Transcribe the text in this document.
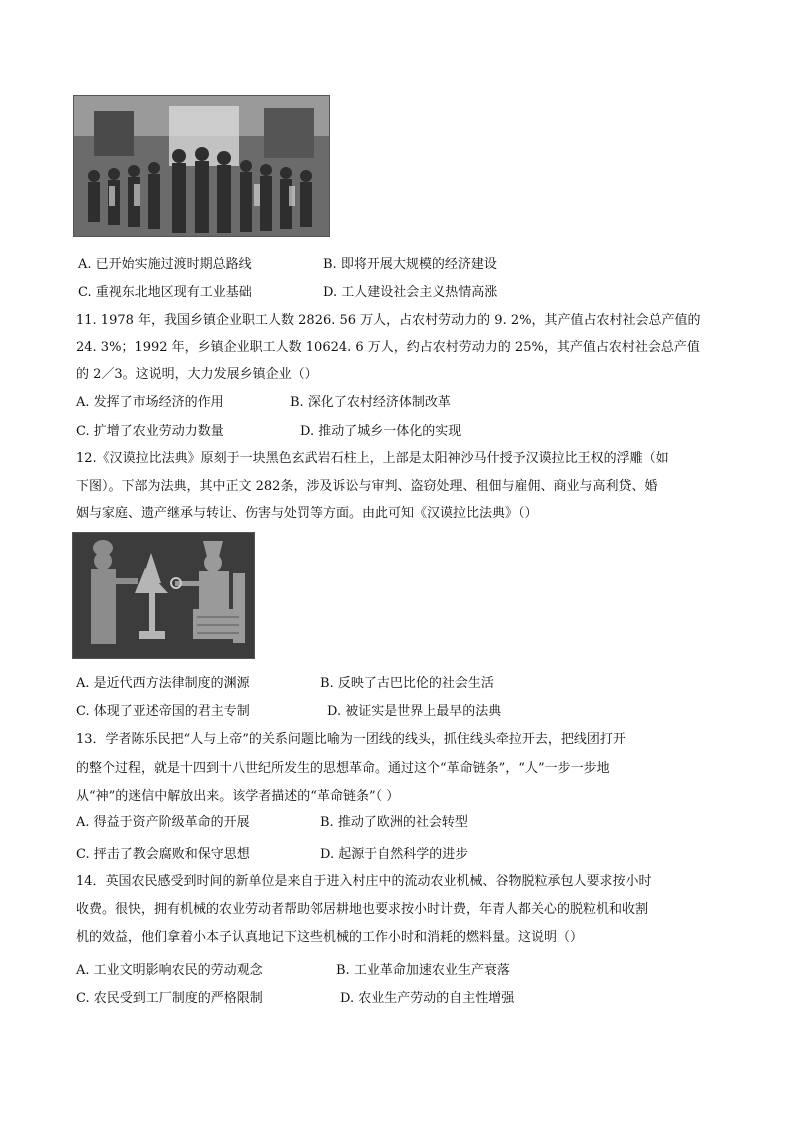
A. 已开始实施过渡时期总路线	B. 即将开展大规模的经济建设
C. 重视东北地区现有工业基础	D. 工人建设社会主义热情高涨
11. 1978 年，我国乡镇企业职工人数 2826. 56 万人，占农村劳动力的 9. 2%，其产值占农村社会总产值的
24. 3%；1992 年，乡镇企业职工人数 10624. 6 万人，约占农村劳动力的 25%，其产值占农村社会总产值
的 2／3。这说明，大力发展乡镇企业（）
A. 发挥了市场经济的作用	B. 深化了农村经济体制改革
C. 扩增了农业劳动力数量	D. 推动了城乡一体化的实现
12.《汉谟拉比法典》原刻于一块黑色玄武岩石柱上，上部是太阳神沙马什授予汉谟拉比王权的浮雕（如
下图）。下部为法典，其中正文 282条，涉及诉讼与审判、盗窃处理、租佃与雇佣、商业与高利贷、婚
姻与家庭、遗产继承与转让、伤害与处罚等方面。由此可知《汉谟拉比法典》（）
A. 是近代西方法律制度的渊源	B. 反映了古巴比伦的社会生活
C. 体现了亚述帝国的君主专制	D. 被证实是世界上最早的法典
13．学者陈乐民把“人与上帝”的关系问题比喻为一团线的线头，抓住线头牵拉开去，把线团打开
的整个过程，就是十四到十八世纪所发生的思想革命。通过这个“革命链条”，“人”一步一步地
从“神”的迷信中解放出来。该学者描述的“革命链条”（ ）
A. 得益于资产阶级革命的开展	B. 推动了欧洲的社会转型
C. 抨击了教会腐败和保守思想	D. 起源于自然科学的进步
14．英国农民感受到时间的新单位是来自于进入村庄中的流动农业机械、谷物脱粒承包人要求按小时
收费。很快，拥有机械的农业劳动者帮助邻居耕地也要求按小时计费，年青人都关心的脱粒机和收割
机的效益，他们拿着小本子认真地记下这些机械的工作小时和消耗的燃料量。这说明（）
A. 工业文明影响农民的劳动观念	B. 工业革命加速农业生产衰落
C. 农民受到工厂制度的严格限制	D. 农业生产劳动的自主性增强
